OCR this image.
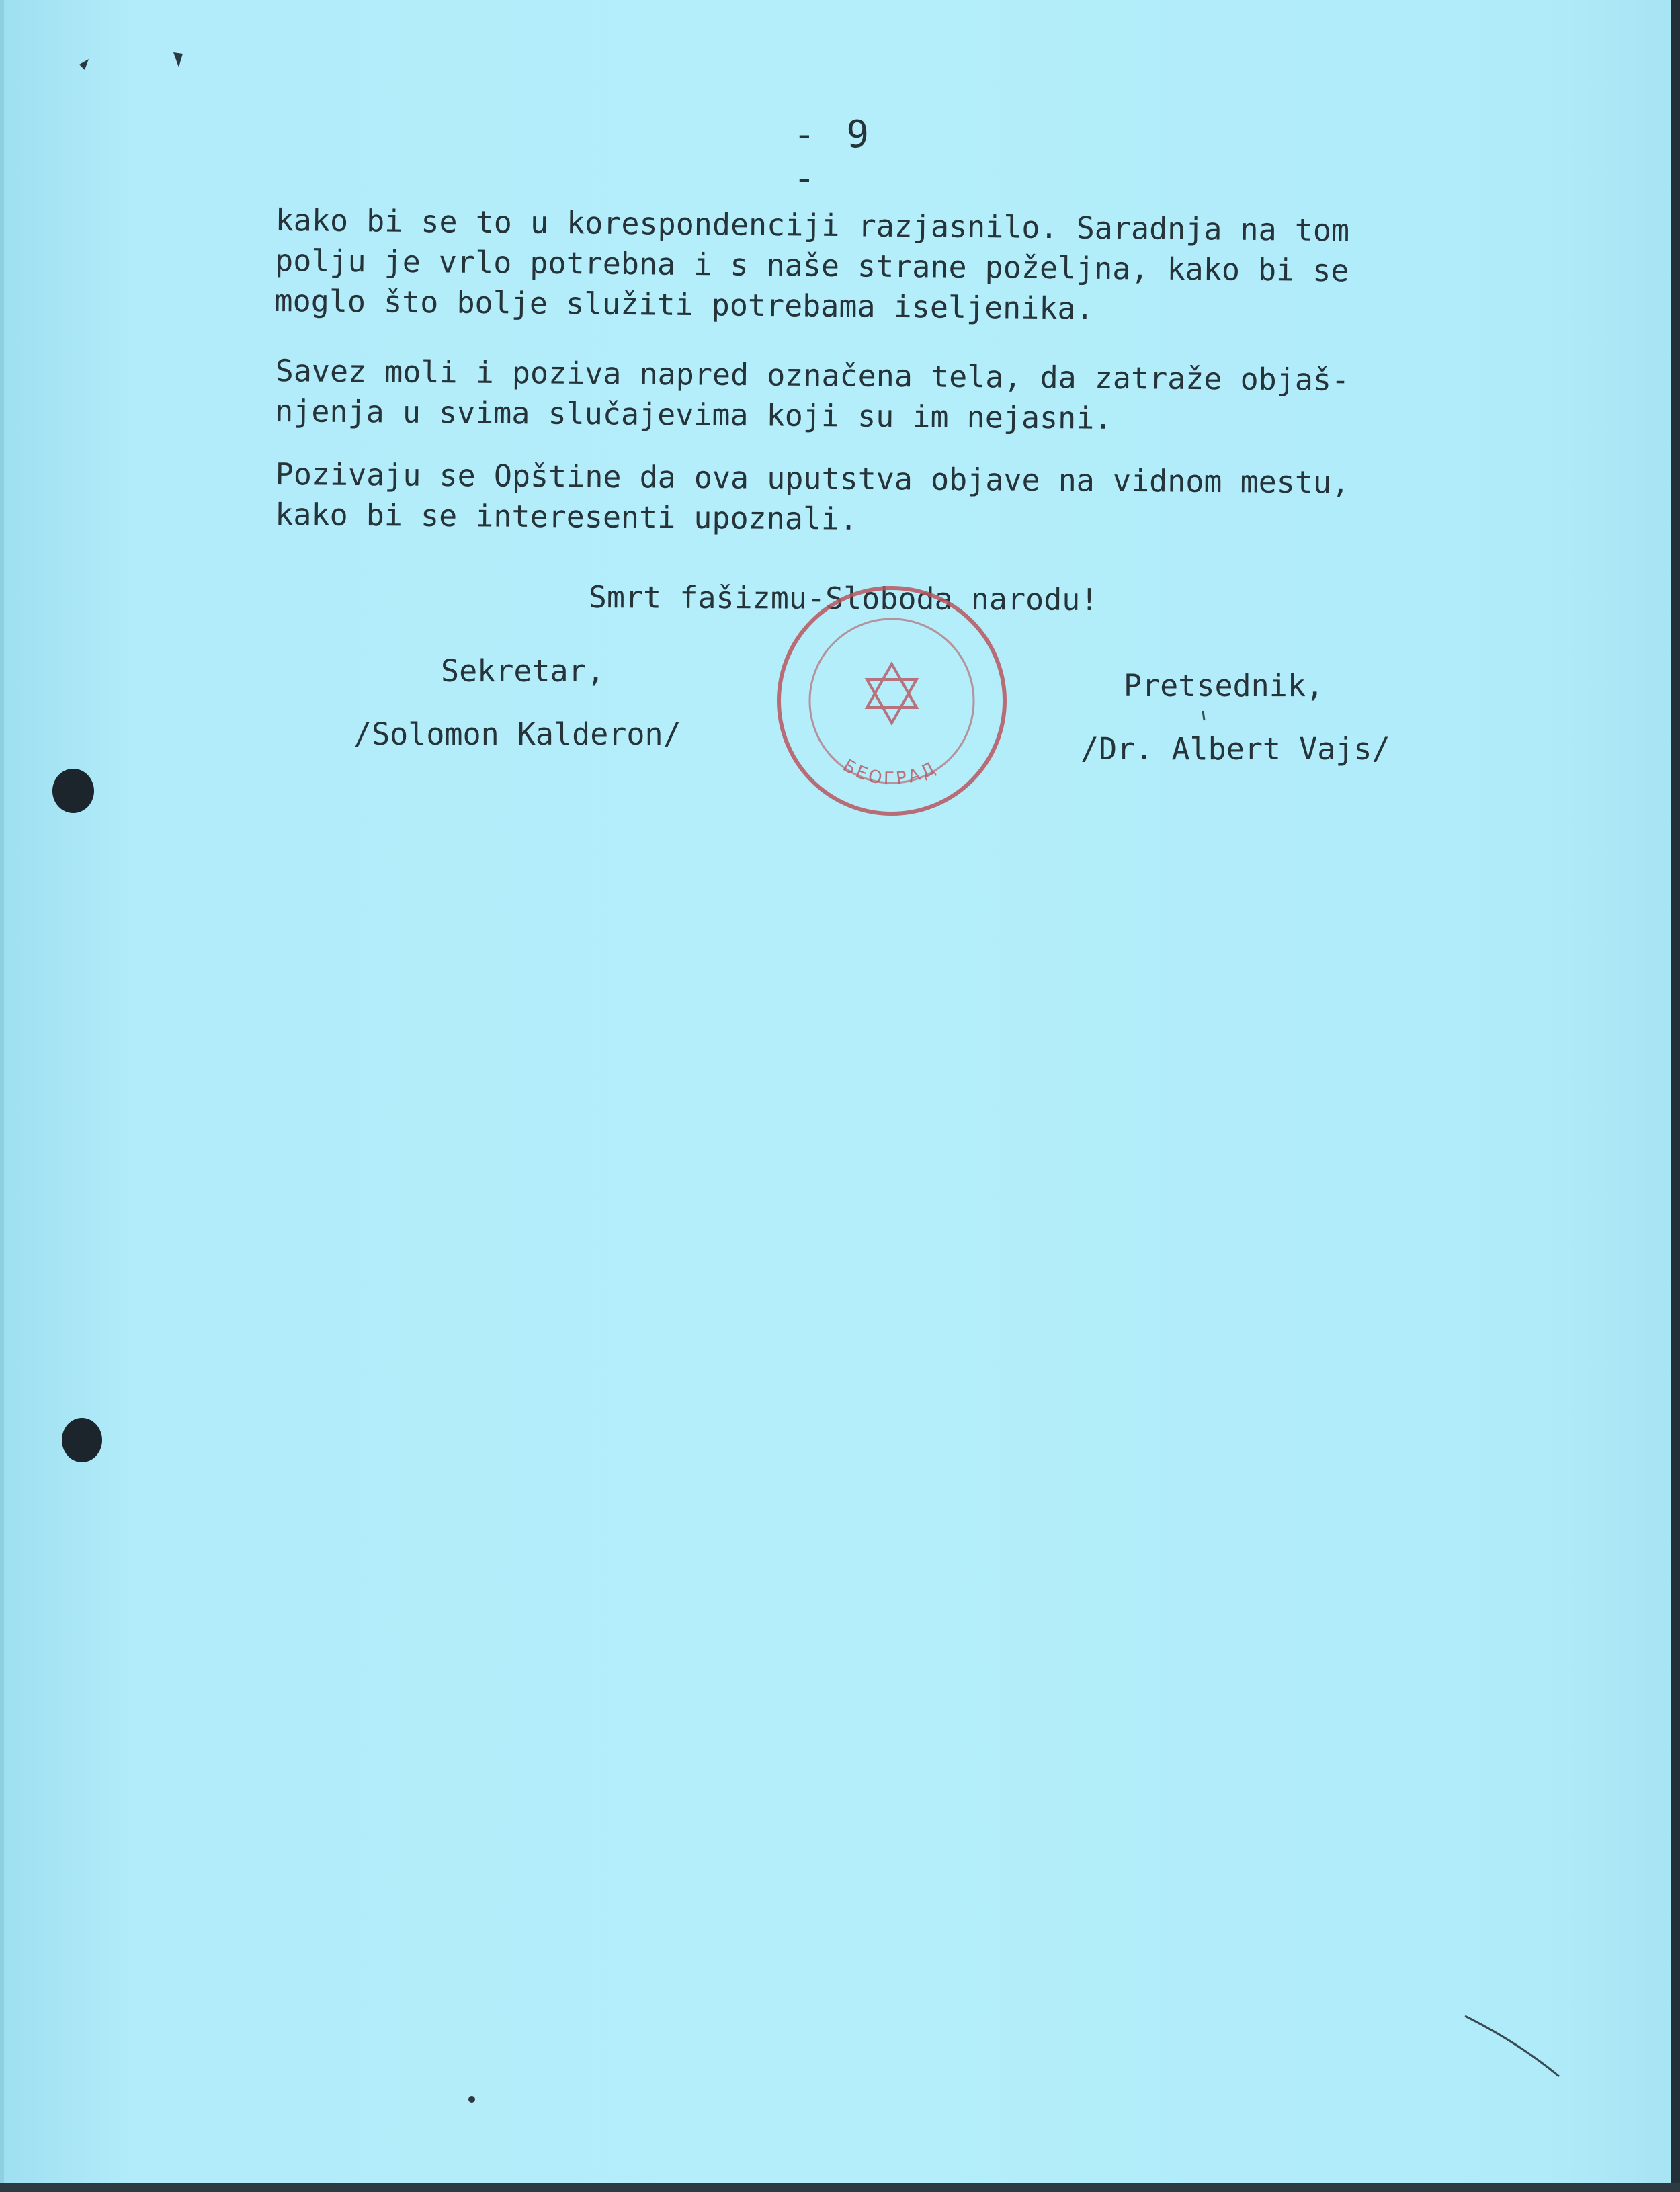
- 9 -

kako bi se to u korespondenciji razjasnilo. Saradnja na tom
polju je vrlo potrebna i s naše strane poželjna, kako bi se
moglo što bolje služiti potrebama iseljenika.

Savez moli i poziva napred označena tela, da zatraže objaš-
njenja u svima slučajevima koji su im nejasni.

Pozivaju se Opštine da ova uputstva objave na vidnom mestu,
kako bi se interesenti upoznali.

Smrt fašizmu-Sloboda narodu!
Sekretar,
/Solomon Kalderon/
Pretsednik,
/Dr. Albert Vajs/
БЕОГРАД
